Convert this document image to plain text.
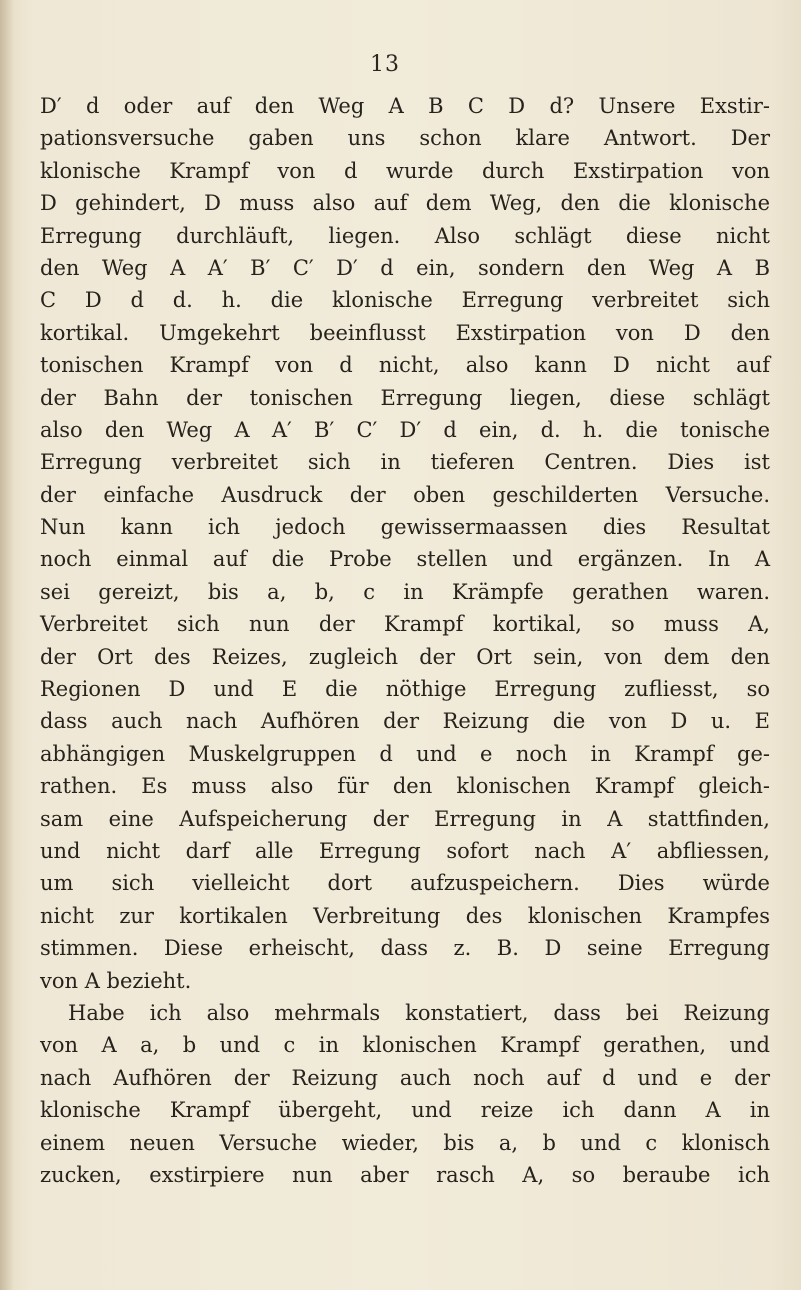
13
D′ d oder auf den Weg A B C D d? Unsere Exstir-
pationsversuche gaben uns schon klare Antwort. Der
klonische Krampf von d wurde durch Exstirpation von
D gehindert, D muss also auf dem Weg, den die klonische
Erregung durchläuft, liegen. Also schlägt diese nicht
den Weg A A′ B′ C′ D′ d ein, sondern den Weg A B
C D d d. h. die klonische Erregung verbreitet sich
kortikal. Umgekehrt beeinflusst Exstirpation von D den
tonischen Krampf von d nicht, also kann D nicht auf
der Bahn der tonischen Erregung liegen, diese schlägt
also den Weg A A′ B′ C′ D′ d ein, d. h. die tonische
Erregung verbreitet sich in tieferen Centren. Dies ist
der einfache Ausdruck der oben geschilderten Versuche.
Nun kann ich jedoch gewissermaassen dies Resultat
noch einmal auf die Probe stellen und ergänzen. In A
sei gereizt, bis a, b, c in Krämpfe gerathen waren.
Verbreitet sich nun der Krampf kortikal, so muss A,
der Ort des Reizes, zugleich der Ort sein, von dem den
Regionen D und E die nöthige Erregung zufliesst, so
dass auch nach Aufhören der Reizung die von D u. E
abhängigen Muskelgruppen d und e noch in Krampf ge-
rathen. Es muss also für den klonischen Krampf gleich-
sam eine Aufspeicherung der Erregung in A stattfinden,
und nicht darf alle Erregung sofort nach A′ abfliessen,
um sich vielleicht dort aufzuspeichern. Dies würde
nicht zur kortikalen Verbreitung des klonischen Krampfes
stimmen. Diese erheischt, dass z. B. D seine Erregung
von A bezieht.
Habe ich also mehrmals konstatiert, dass bei Reizung
von A a, b und c in klonischen Krampf gerathen, und
nach Aufhören der Reizung auch noch auf d und e der
klonische Krampf übergeht, und reize ich dann A in
einem neuen Versuche wieder, bis a, b und c klonisch
zucken, exstirpiere nun aber rasch A, so beraube ich
